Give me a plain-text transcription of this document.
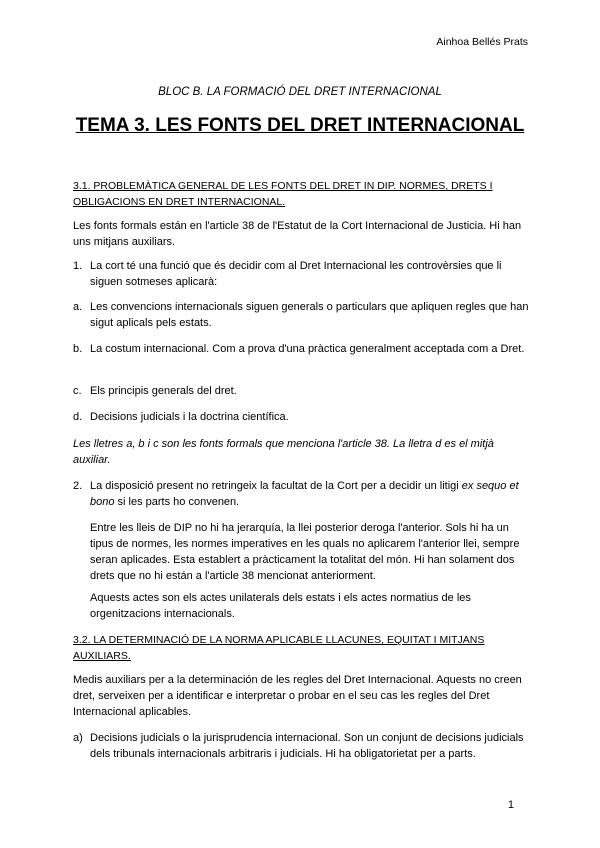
Ainhoa Bellés Prats
BLOC B. LA FORMACIÓ DEL DRET INTERNACIONAL
TEMA 3. LES FONTS DEL DRET INTERNACIONAL
3.1. PROBLEMÀTICA GENERAL DE LES FONTS DEL DRET IN DIP. NORMES, DRETS I OBLIGACIONS EN DRET INTERNACIONAL.
Les fonts formals están en l'article 38 de l'Estatut de la Cort Internacional de Justicia. Hi han uns mitjans auxiliars.
1. La cort té una funció que és decidir com al Dret Internacional les controvèrsies que li siguen sotmeses aplicarà:
a. Les convencions internacionals siguen generals o particulars que apliquen regles que han sigut aplicals pels estats.
b. La costum internacional. Com a prova d'una pràctica generalment acceptada com a Dret.
c. Els principis generals del dret.
d. Decisions judicials i la doctrina científica.
Les lletres a, b i c son les fonts formals que menciona l'article 38. La lletra d es el mitjà auxiliar.
2. La disposició present no retringeix la facultat de la Cort per a decidir un litigi ex sequo et bono si les parts ho convenen.
Entre les lleis de DIP no hi ha jerarquía, la llei posterior deroga l'anterior. Sols hi ha un tipus de normes, les normes imperatives en les quals no aplicarem l'anterior llei, sempre seran aplicades. Esta establert a pràcticament la totalitat del món. Hi han solament dos drets que no hi están a l'article 38 mencionat anteriorment.
Aquests actes son els actes unilaterals dels estats i els actes normatius de les orgenitzacions internacionals.
3.2. LA DETERMINACIÓ DE LA NORMA APLICABLE LLACUNES, EQUITAT I MITJANS AUXILIARS.
Medis auxiliars per a la determinación de les regles del Dret Internacional. Aquests no creen dret, serveixen per a identificar e interpretar o probar en el seu cas les regles del Dret Internacional aplicables.
a) Decisions judicials o la jurisprudencia internacional. Son un conjunt de decisions judicials dels tribunals internacionals arbitraris i judicials. Hi ha obligatorietat per a parts.
1
